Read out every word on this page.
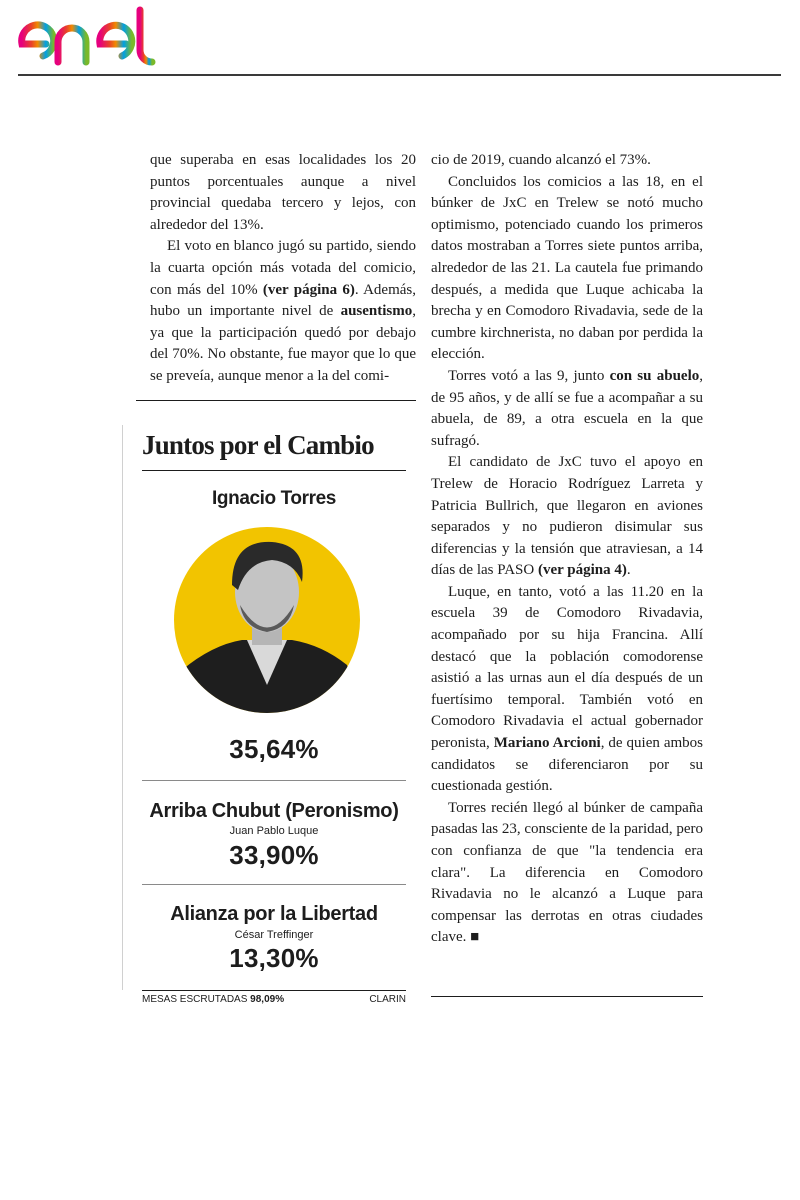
que superaba en esas localidades los 20 puntos porcentuales aunque a nivel provincial quedaba tercero y lejos, con alrededor del 13%.

El voto en blanco jugó su partido, siendo la cuarta opción más votada del comicio, con más del 10% (ver página 6). Además, hubo un importante nivel de ausentismo, ya que la participación quedó por debajo del 70%. No obstante, fue mayor que lo que se preveía, aunque menor a la del comi-

cio de 2019, cuando alcanzó el 73%.

Concluidos los comicios a las 18, en el búnker de JxC en Trelew se notó mucho optimismo, potenciado cuando los primeros datos mostraban a Torres siete puntos arriba, alrededor de las 21. La cautela fue primando después, a medida que Luque achicaba la brecha y en Comodoro Rivadavia, sede de la cumbre kirchnerista, no daban por perdida la elección.

Torres votó a las 9, junto con su abuelo, de 95 años, y de allí se fue a acompañar a su abuela, de 89, a otra escuela en la que sufragó.

El candidato de JxC tuvo el apoyo en Trelew de Horacio Rodríguez Larreta y Patricia Bullrich, que llegaron en aviones separados y no pudieron disimular sus diferencias y la tensión que atraviesan, a 14 días de las PASO (ver página 4).

Luque, en tanto, votó a las 11.20 en la escuela 39 de Comodoro Rivadavia, acompañado por su hija Francina. Allí destacó que la población comodorense asistió a las urnas aun el día después de un fuertísimo temporal. También votó en Comodoro Rivadavia el actual gobernador peronista, Mariano Arcioni, de quien ambos candidatos se diferenciaron por su cuestionada gestión.

Torres recién llegó al búnker de campaña pasadas las 23, consciente de la paridad, pero con confianza de que "la tendencia era clara". La diferencia en Comodoro Rivadavia no le alcanzó a Luque para compensar las derrotas en otras ciudades clave. ■

Juntos por el Cambio
Ignacio Torres
35,64%
Arriba Chubut (Peronismo)
Juan Pablo Luque
33,90%
Alianza por la Libertad
César Treffinger
13,30%
MESAS ESCRUTADAS 98,09%	CLARIN
